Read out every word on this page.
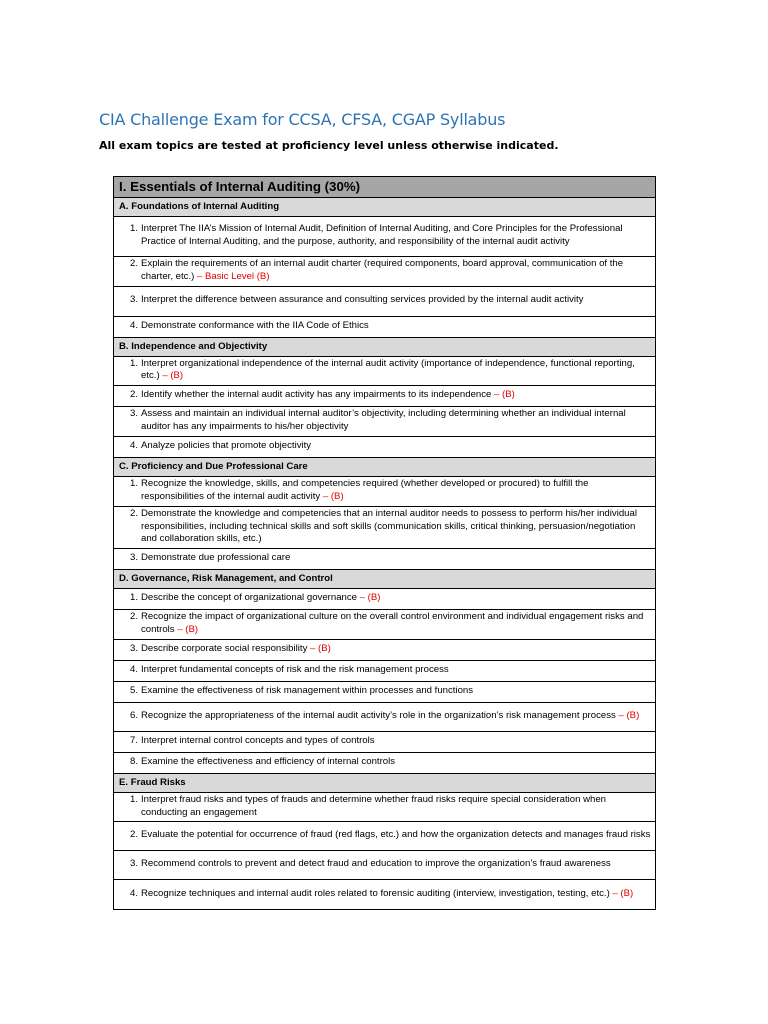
CIA Challenge Exam for CCSA, CFSA, CGAP Syllabus
All exam topics are tested at proficiency level unless otherwise indicated.
I. Essentials of Internal Auditing (30%)
A. Foundations of Internal Auditing

1. Interpret The IIA’s Mission of Internal Audit, Definition of Internal Auditing, and Core Principles for the Professional Practice of Internal Auditing, and the purpose, authority, and responsibility of the internal audit activity

2. Explain the requirements of an internal audit charter (required components, board approval, communication of the charter, etc.) – Basic Level (B)

3. Interpret the difference between assurance and consulting services provided by the internal audit activity

4. Demonstrate conformance with the IIA Code of Ethics

B. Independence and Objectivity

1. Interpret organizational independence of the internal audit activity (importance of independence, functional reporting, etc.) – (B)

2. Identify whether the internal audit activity has any impairments to its independence – (B)

3. Assess and maintain an individual internal auditor’s objectivity, including determining whether an individual internal auditor has any impairments to his/her objectivity

4. Analyze policies that promote objectivity

C. Proficiency and Due Professional Care

1. Recognize the knowledge, skills, and competencies required (whether developed or procured) to fulfill the responsibilities of the internal audit activity – (B)

2. Demonstrate the knowledge and competencies that an internal auditor needs to possess to perform his/her individual responsibilities, including technical skills and soft skills (communication skills, critical thinking, persuasion/negotiation and collaboration skills, etc.)

3. Demonstrate due professional care

D. Governance, Risk Management, and Control

1. Describe the concept of organizational governance – (B)

2. Recognize the impact of organizational culture on the overall control environment and individual engagement risks and controls – (B)

3. Describe corporate social responsibility – (B)

4. Interpret fundamental concepts of risk and the risk management process

5. Examine the effectiveness of risk management within processes and functions

6. Recognize the appropriateness of the internal audit activity’s role in the organization’s risk management process – (B)

7. Interpret internal control concepts and types of controls

8. Examine the effectiveness and efficiency of internal controls

E. Fraud Risks

1. Interpret fraud risks and types of frauds and determine whether fraud risks require special consideration when conducting an engagement

2. Evaluate the potential for occurrence of fraud (red flags, etc.) and how the organization detects and manages fraud risks

3. Recommend controls to prevent and detect fraud and education to improve the organization’s fraud awareness

4. Recognize techniques and internal audit roles related to forensic auditing (interview, investigation, testing, etc.) – (B)
